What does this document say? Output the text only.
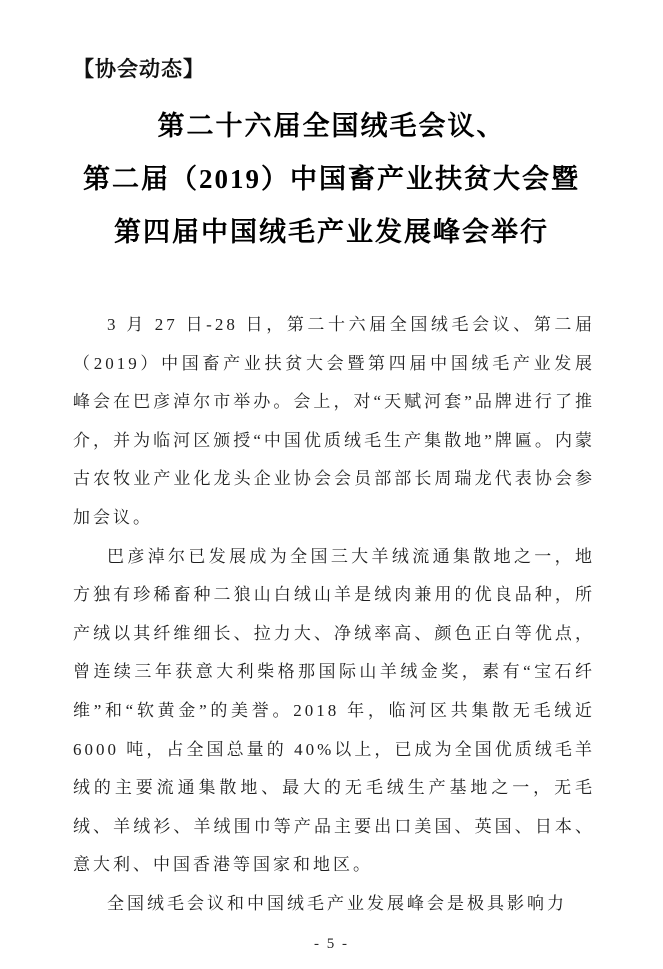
【协会动态】
第二十六届全国绒毛会议、
第二届（2019）中国畜产业扶贫大会暨
第四届中国绒毛产业发展峰会举行

3 月 27 日-28 日，第二十六届全国绒毛会议、第二届（2019）中国畜产业扶贫大会暨第四届中国绒毛产业发展峰会在巴彦淖尔市举办。会上，对“天赋河套”品牌进行了推介，并为临河区颁授“中国优质绒毛生产集散地”牌匾。内蒙古农牧业产业化龙头企业协会会员部部长周瑞龙代表协会参加会议。

巴彦淖尔已发展成为全国三大羊绒流通集散地之一，地方独有珍稀畜种二狼山白绒山羊是绒肉兼用的优良品种，所产绒以其纤维细长、拉力大、净绒率高、颜色正白等优点，曾连续三年获意大利柴格那国际山羊绒金奖，素有“宝石纤维”和“软黄金”的美誉。2018 年，临河区共集散无毛绒近 6000 吨，占全国总量的 40%以上，已成为全国优质绒毛羊绒的主要流通集散地、最大的无毛绒生产基地之一，无毛绒、羊绒衫、羊绒围巾等产品主要出口美国、英国、日本、意大利、中国香港等国家和地区。

全国绒毛会议和中国绒毛产业发展峰会是极具影响力

- 5 -
